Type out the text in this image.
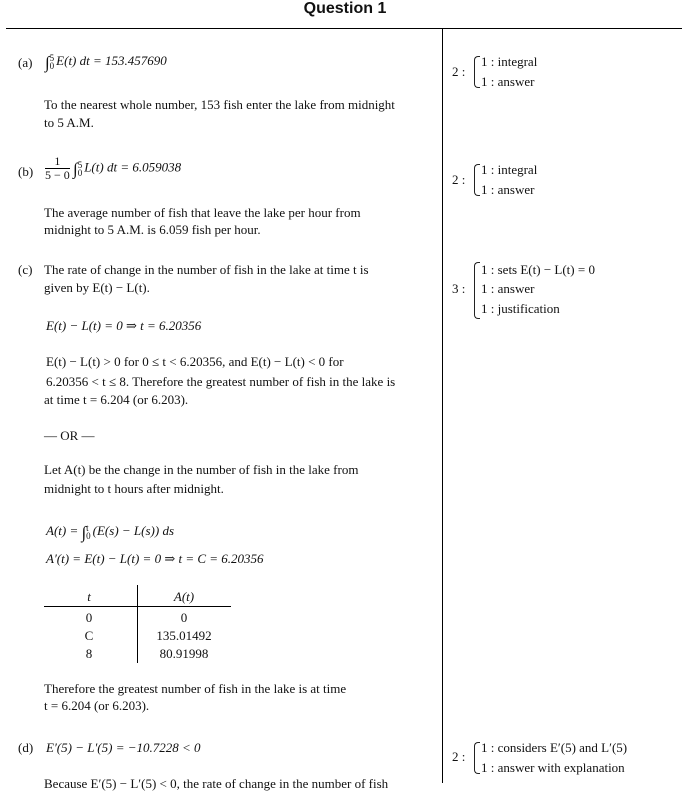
Question 1
(a) ∫5
0 E(t) dt = 153.457690
To the nearest whole number, 153 fish enter the lake from midnight
to 5 A.M.
2 :
1 : integral
1 : answer
$(b) \frac{1}{5 - 0} \int 5$
0 L(t) dt = 6.059038
The average number of fish that leave the lake per hour from
midnight to 5 A.M. is 6.059 fish per hour.
2 :
1 : integral
1 : answer
(c) The rate of change in the number of fish in the lake at time t is
given by E(t) − L(t).
E(t) − L(t) = 0 ⇒ t = 6.20356
E(t) − L(t) > 0 for 0 ≤ t < 6.20356, and E(t) − L(t) < 0 for
6.20356 < t ≤ 8. Therefore the greatest number of fish in the lake is
at time t = 6.204 (or 6.203).
— OR —
Let A(t) be the change in the number of fish in the lake from
midnight to t hours after midnight.
A(t) = ∫t
0 (E(s) − L(s)) ds
A′(t) = E(t) − L(t) = 0 ⇒ t = C = 6.20356
t	A(t)
0	0
C	135.01492
8	80.91998
Therefore the greatest number of fish in the lake is at time
t = 6.204 (or 6.203).
3 :
1 : sets E(t) − L(t) = 0
1 : answer
1 : justification
(d) E′(5) − L′(5) = −10.7228 < 0
Because E′(5) − L′(5) < 0, the rate of change in the number of fish
2 :
1 : considers E′(5) and L′(5)
1 : answer with explanation
